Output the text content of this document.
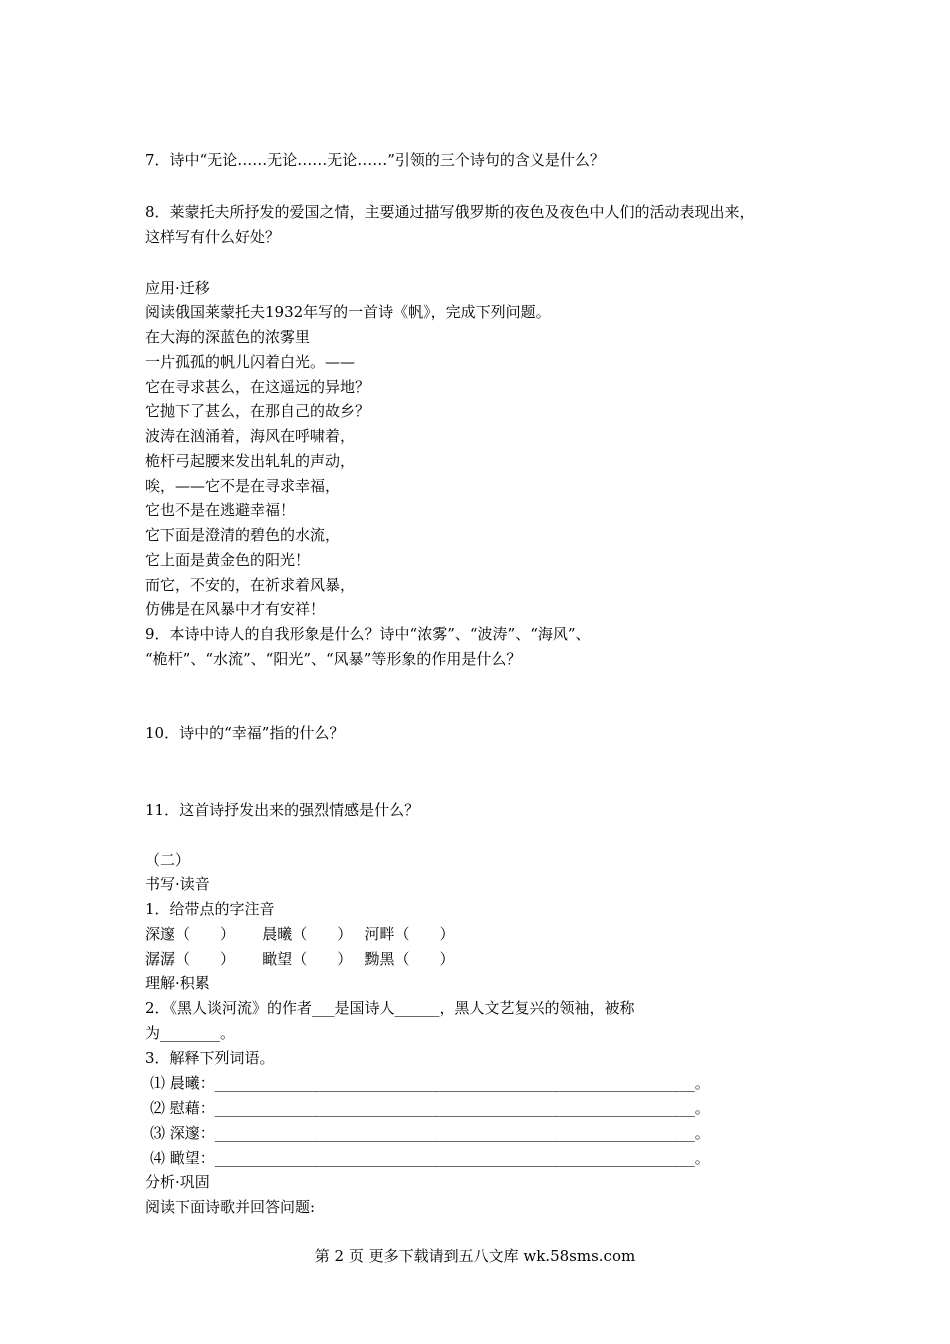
7．诗中“无论……无论……无论……”引领的三个诗句的含义是什么？
8．莱蒙托夫所抒发的爱国之情，主要通过描写俄罗斯的夜色及夜色中人们的活动表现出来，
这样写有什么好处？
应用·迁移
阅读俄国莱蒙托夫1932年写的一首诗《帆》，完成下列问题。
在大海的深蓝色的浓雾里
一片孤孤的帆儿闪着白光。——
它在寻求甚么，在这遥远的异地？
它抛下了甚么，在那自己的故乡？
波涛在汹涌着，海风在呼啸着，
桅杆弓起腰来发出轧轧的声动，
唉，——它不是在寻求幸福，
它也不是在逃避幸福！
它下面是澄清的碧色的水流，
它上面是黄金色的阳光！
而它，不安的，在祈求着风暴，
仿佛是在风暴中才有安祥！
9．本诗中诗人的自我形象是什么？诗中“浓雾”、“波涛”、“海风”、
“桅杆”、“水流”、“阳光”、“风暴”等形象的作用是什么？
10．诗中的“幸福”指的什么？
11．这首诗抒发出来的强烈情感是什么？
（二）
书写·读音
1．给带点的字注音
深邃（　　）　　 晨曦（　　）　 河畔（　　）
潺潺（　　）　　 瞰望（　　）　 黝黑（　　）
理解·积累
2．《黑人谈河流》的作者___是国诗人______，黑人文艺复兴的领袖，被称
为________。
3．解释下列词语。
⑴ 晨曦：________________________________________________________________。
⑵ 慰藉：________________________________________________________________。
⑶ 深邃：________________________________________________________________。
⑷ 瞰望：________________________________________________________________。
分析·巩固
阅读下面诗歌并回答问题:
第 2 页 更多下载请到五八文库 wk.58sms.com
